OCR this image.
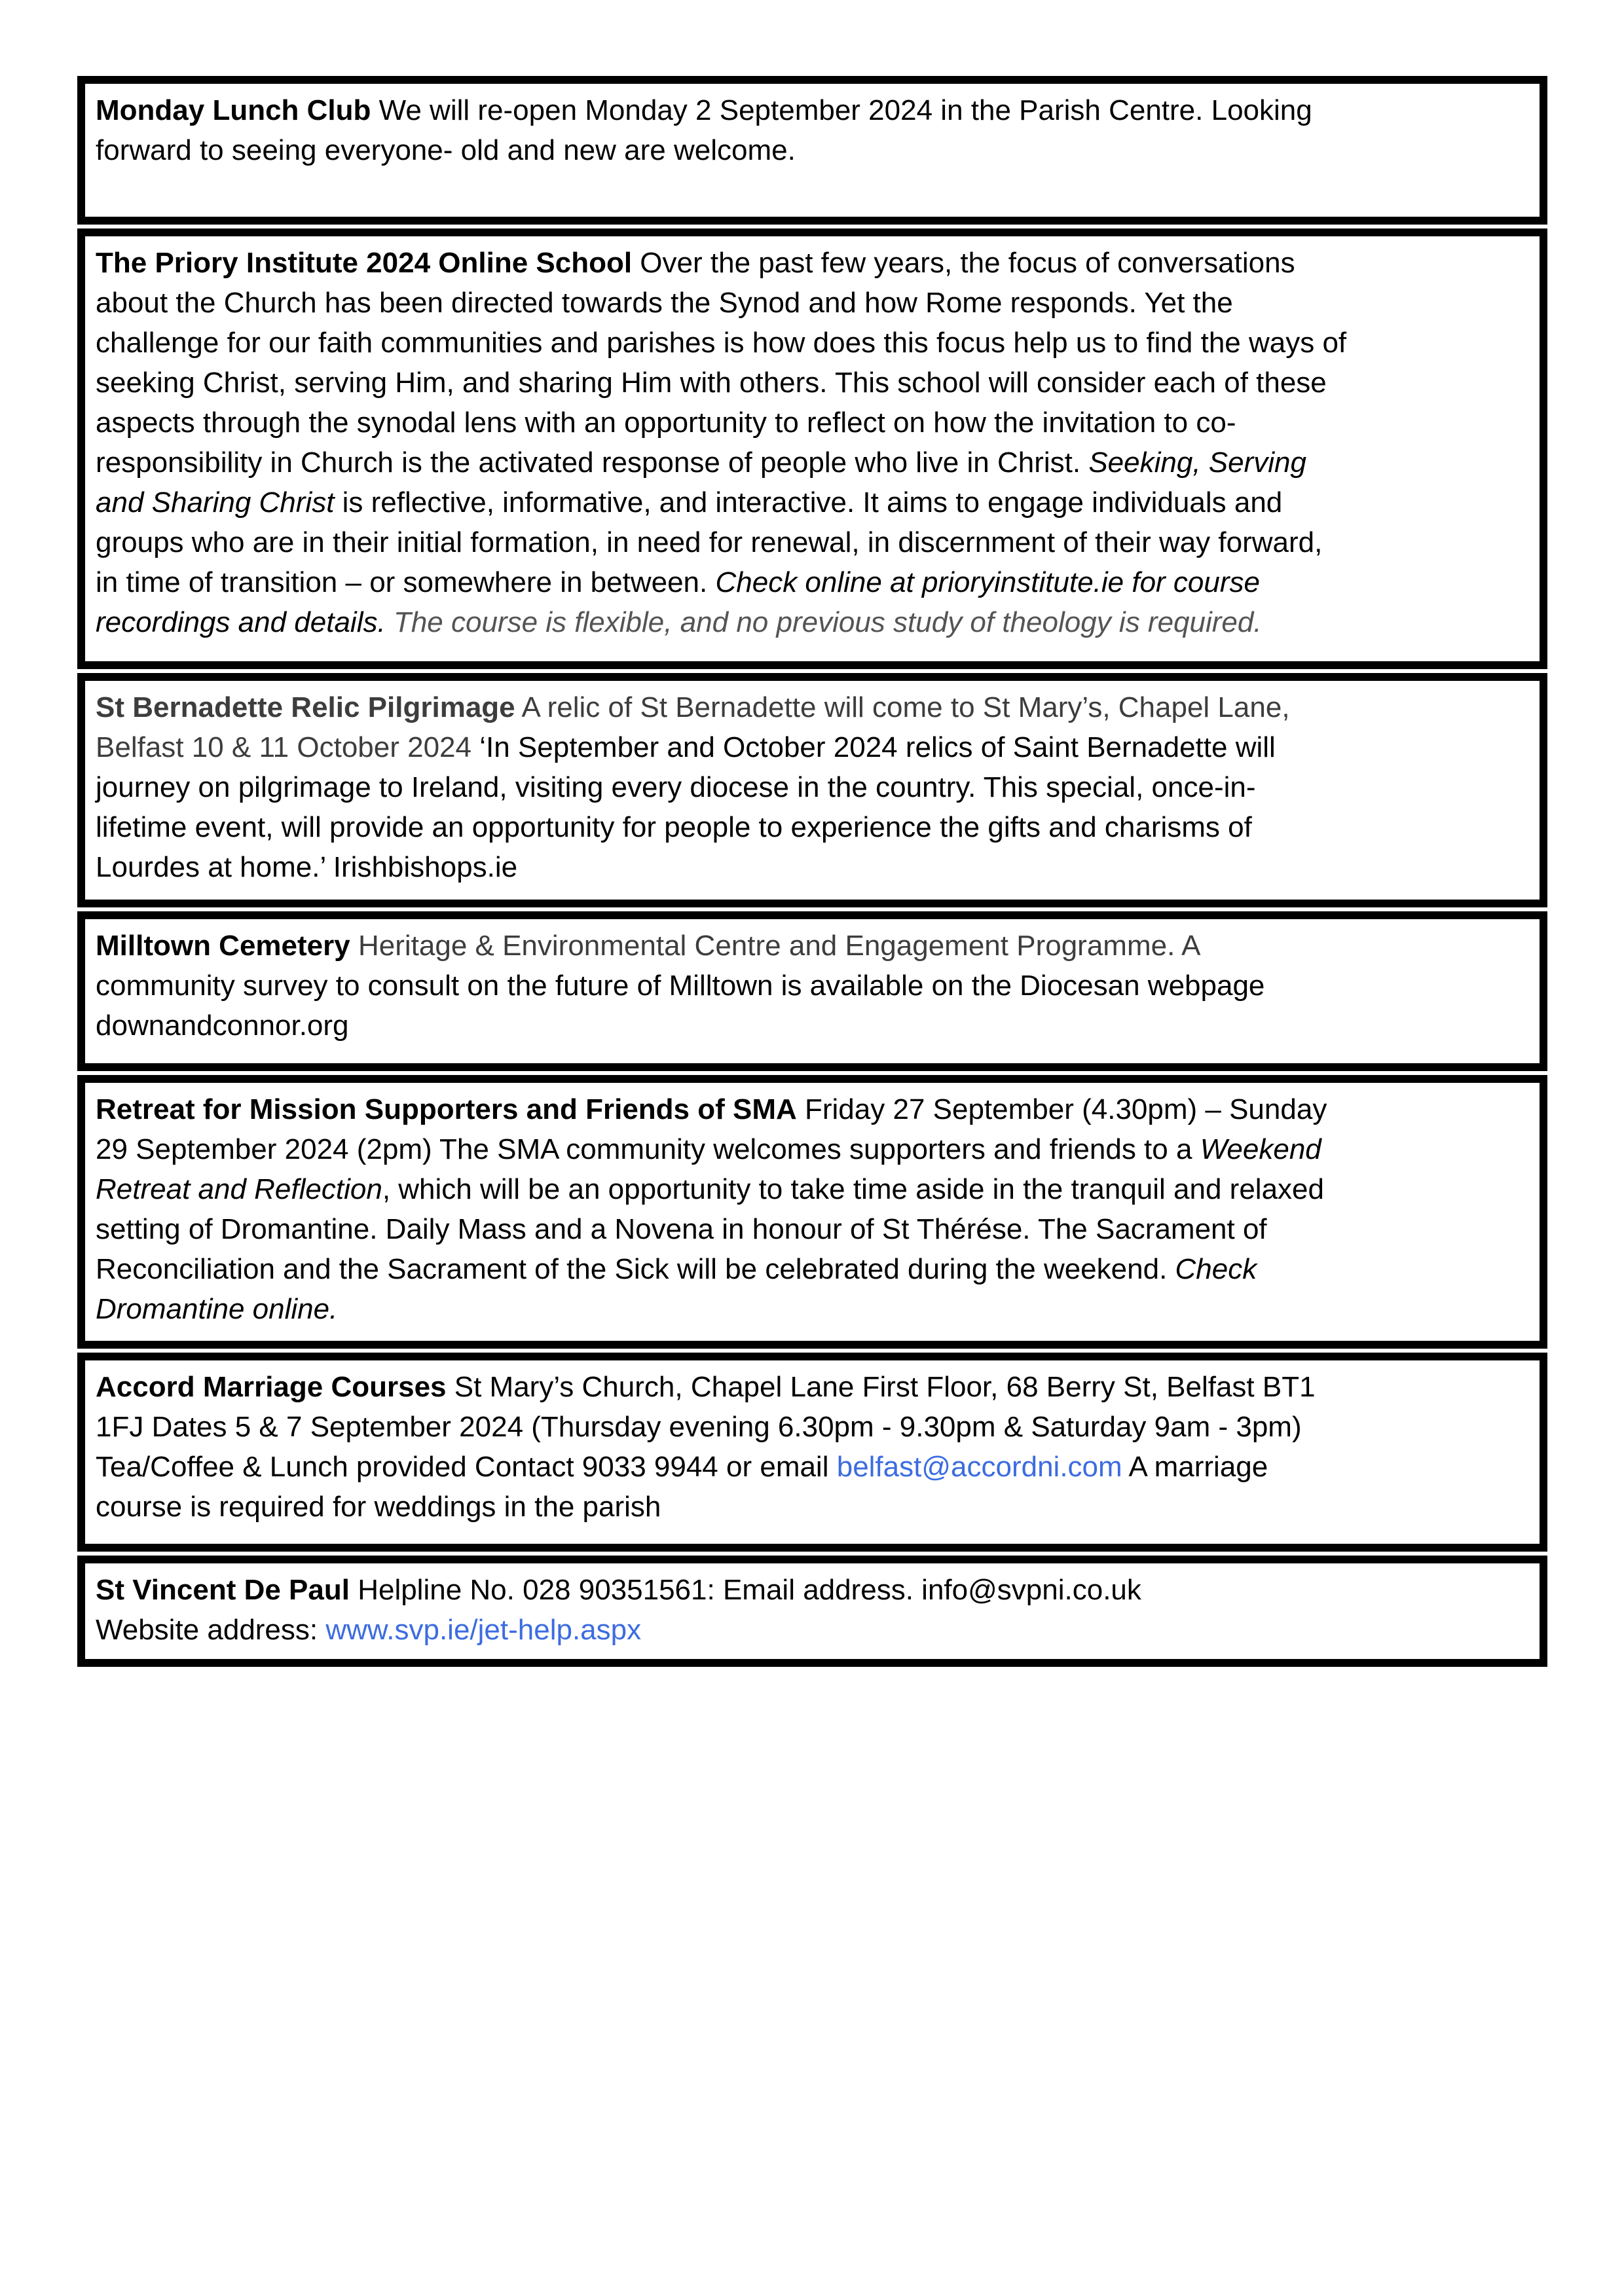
Monday Lunch Club We will re-open Monday 2 September 2024 in the Parish Centre. Looking
forward to seeing everyone- old and new are welcome.
The Priory Institute 2024 Online School Over the past few years, the focus of conversations
about the Church has been directed towards the Synod and how Rome responds. Yet the
challenge for our faith communities and parishes is how does this focus help us to find the ways of
seeking Christ, serving Him, and sharing Him with others. This school will consider each of these
aspects through the synodal lens with an opportunity to reflect on how the invitation to co-
responsibility in Church is the activated response of people who live in Christ. Seeking, Serving
and Sharing Christ is reflective, informative, and interactive. It aims to engage individuals and
groups who are in their initial formation, in need for renewal, in discernment of their way forward,
in time of transition – or somewhere in between. Check online at prioryinstitute.ie for course
recordings and details. The course is flexible, and no previous study of theology is required.
St Bernadette Relic Pilgrimage A relic of St Bernadette will come to St Mary’s, Chapel Lane,
Belfast 10 & 11 October 2024 ‘In September and October 2024 relics of Saint Bernadette will
journey on pilgrimage to Ireland, visiting every diocese in the country. This special, once-in-
lifetime event, will provide an opportunity for people to experience the gifts and charisms of
Lourdes at home.’ Irishbishops.ie
Milltown Cemetery Heritage & Environmental Centre and Engagement Programme. A
community survey to consult on the future of Milltown is available on the Diocesan webpage
downandconnor.org
Retreat for Mission Supporters and Friends of SMA Friday 27 September (4.30pm) – Sunday
29 September 2024 (2pm) The SMA community welcomes supporters and friends to a Weekend
Retreat and Reflection, which will be an opportunity to take time aside in the tranquil and relaxed
setting of Dromantine. Daily Mass and a Novena in honour of St Thérése. The Sacrament of
Reconciliation and the Sacrament of the Sick will be celebrated during the weekend. Check
Dromantine online.
Accord Marriage Courses St Mary’s Church, Chapel Lane First Floor, 68 Berry St, Belfast BT1
1FJ Dates 5 & 7 September 2024 (Thursday evening 6.30pm - 9.30pm & Saturday 9am - 3pm)
Tea/Coffee & Lunch provided Contact 9033 9944 or email belfast@accordni.com A marriage
course is required for weddings in the parish
St Vincent De Paul Helpline No. 028 90351561: Email address. info@svpni.co.uk
Website address: www.svp.ie/jet-help.aspx
